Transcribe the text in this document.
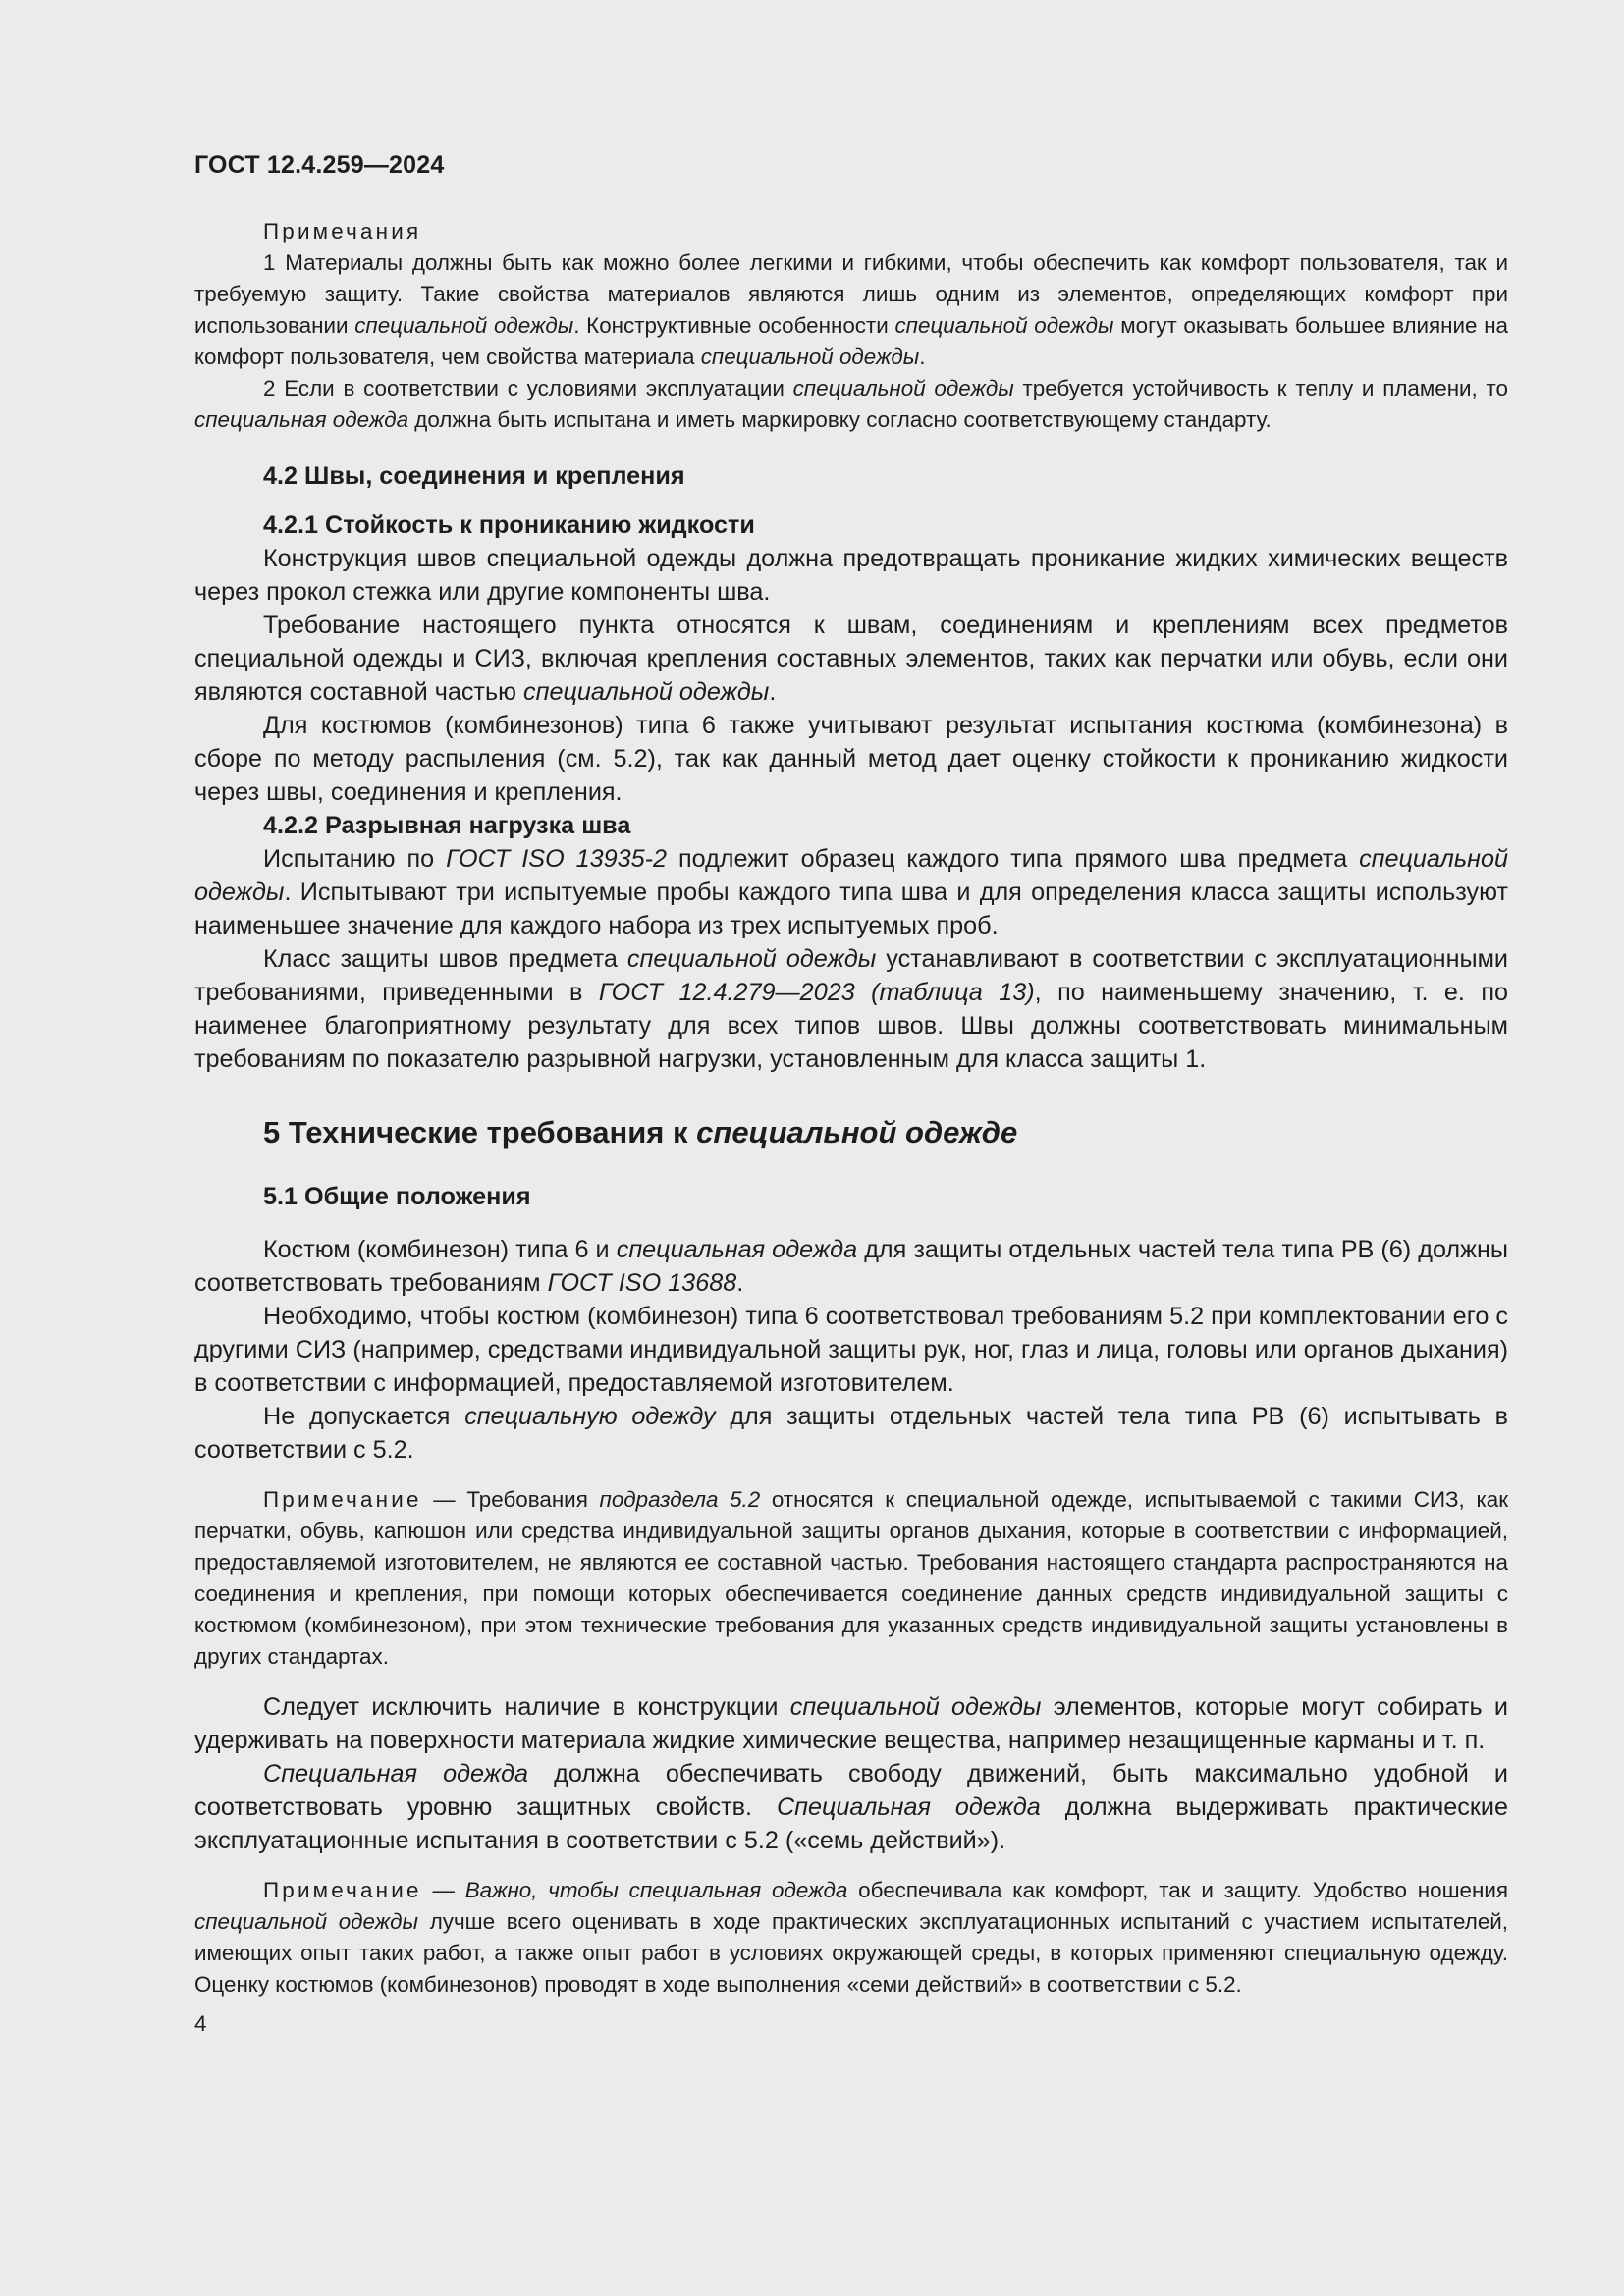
ГОСТ 12.4.259—2024

Примечания

1 Материалы должны быть как можно более легкими и гибкими, чтобы обеспечить как комфорт пользователя, так и требуемую защиту. Такие свойства материалов являются лишь одним из элементов, определяющих комфорт при использовании специальной одежды. Конструктивные особенности специальной одежды могут оказывать большее влияние на комфорт пользователя, чем свойства материала специальной одежды.

2 Если в соответствии с условиями эксплуатации специальной одежды требуется устойчивость к теплу и пламени, то специальная одежда должна быть испытана и иметь маркировку согласно соответствующему стандарту.

4.2 Швы, соединения и крепления
4.2.1 Стойкость к прониканию жидкости

Конструкция швов специальной одежды должна предотвращать проникание жидких химических веществ через прокол стежка или другие компоненты шва.

Требование настоящего пункта относятся к швам, соединениям и креплениям всех предметов специальной одежды и СИЗ, включая крепления составных элементов, таких как перчатки или обувь, если они являются составной частью специальной одежды.

Для костюмов (комбинезонов) типа 6 также учитывают результат испытания костюма (комбинезона) в сборе по методу распыления (см. 5.2), так как данный метод дает оценку стойкости к прониканию жидкости через швы, соединения и крепления.

4.2.2 Разрывная нагрузка шва

Испытанию по ГОСТ ISO 13935-2 подлежит образец каждого типа прямого шва предмета специальной одежды. Испытывают три испытуемые пробы каждого типа шва и для определения класса защиты используют наименьшее значение для каждого набора из трех испытуемых проб.

Класс защиты швов предмета специальной одежды устанавливают в соответствии с эксплуатационными требованиями, приведенными в ГОСТ 12.4.279—2023 (таблица 13), по наименьшему значению, т. е. по наименее благоприятному результату для всех типов швов. Швы должны соответствовать минимальным требованиям по показателю разрывной нагрузки, установленным для класса защиты 1.

5 Технические требования к специальной одежде
5.1 Общие положения

Костюм (комбинезон) типа 6 и специальная одежда для защиты отдельных частей тела типа PB (6) должны соответствовать требованиям ГОСТ ISO 13688.

Необходимо, чтобы костюм (комбинезон) типа 6 соответствовал требованиям 5.2 при комплектовании его с другими СИЗ (например, средствами индивидуальной защиты рук, ног, глаз и лица, головы или органов дыхания) в соответствии с информацией, предоставляемой изготовителем.

Не допускается специальную одежду для защиты отдельных частей тела типа PB (6) испытывать в соответствии с 5.2.

Примечание — Требования подраздела 5.2 относятся к специальной одежде, испытываемой с такими СИЗ, как перчатки, обувь, капюшон или средства индивидуальной защиты органов дыхания, которые в соответствии с информацией, предоставляемой изготовителем, не являются ее составной частью. Требования настоящего стандарта распространяются на соединения и крепления, при помощи которых обеспечивается соединение данных средств индивидуальной защиты с костюмом (комбинезоном), при этом технические требования для указанных средств индивидуальной защиты установлены в других стандартах.

Следует исключить наличие в конструкции специальной одежды элементов, которые могут собирать и удерживать на поверхности материала жидкие химические вещества, например незащищенные карманы и т. п.

Специальная одежда должна обеспечивать свободу движений, быть максимально удобной и соответствовать уровню защитных свойств. Специальная одежда должна выдерживать практические эксплуатационные испытания в соответствии с 5.2 («семь действий»).

Примечание — Важно, чтобы специальная одежда обеспечивала как комфорт, так и защиту. Удобство ношения специальной одежды лучше всего оценивать в ходе практических эксплуатационных испытаний с участием испытателей, имеющих опыт таких работ, а также опыт работ в условиях окружающей среды, в которых применяют специальную одежду. Оценку костюмов (комбинезонов) проводят в ходе выполнения «семи действий» в соответствии с 5.2.

4
